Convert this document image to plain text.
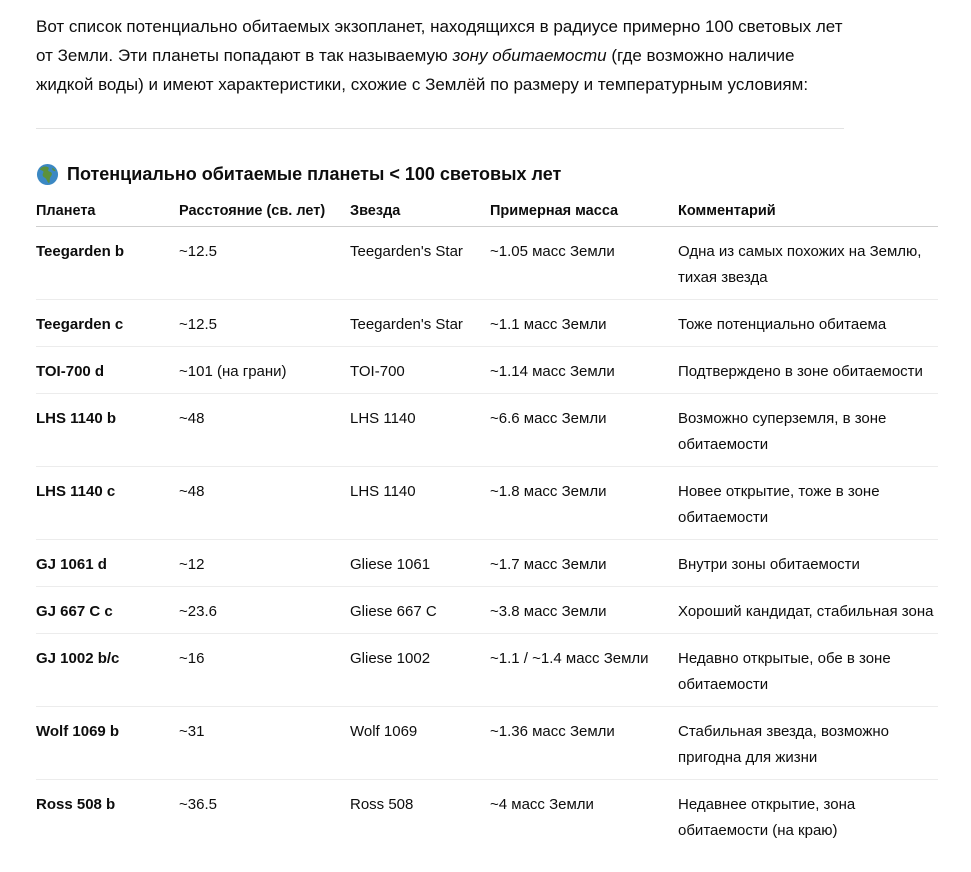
Вот список потенциально обитаемых экзопланет, находящихся в радиусе примерно 100 световых лет от Земли. Эти планеты попадают в так называемую зону обитаемости (где возможно наличие жидкой воды) и имеют характеристики, схожие с Землёй по размеру и температурным условиям:

Потенциально обитаемые планеты < 100 световых лет
Планета	Расстояние (св. лет)	Звезда	Примерная масса	Комментарий
Teegarden b	~12.5	Teegarden's Star	~1.05 масс Земли	Одна из самых похожих на Землю, тихая звезда
Teegarden c	~12.5	Teegarden's Star	~1.1 масс Земли	Тоже потенциально обитаема
TOI-700 d	~101 (на грани)	TOI-700	~1.14 масс Земли	Подтверждено в зоне обитаемости
LHS 1140 b	~48	LHS 1140	~6.6 масс Земли	Возможно суперземля, в зоне обитаемости
LHS 1140 c	~48	LHS 1140	~1.8 масс Земли	Новее открытие, тоже в зоне обитаемости
GJ 1061 d	~12	Gliese 1061	~1.7 масс Земли	Внутри зоны обитаемости
GJ 667 C c	~23.6	Gliese 667 C	~3.8 масс Земли	Хороший кандидат, стабильная зона
GJ 1002 b/c	~16	Gliese 1002	~1.1 / ~1.4 масс Земли	Недавно открытые, обе в зоне обитаемости
Wolf 1069 b	~31	Wolf 1069	~1.36 масс Земли	Стабильная звезда, возможно пригодна для жизни
Ross 508 b	~36.5	Ross 508	~4 масс Земли	Недавнее открытие, зона обитаемости (на краю)
